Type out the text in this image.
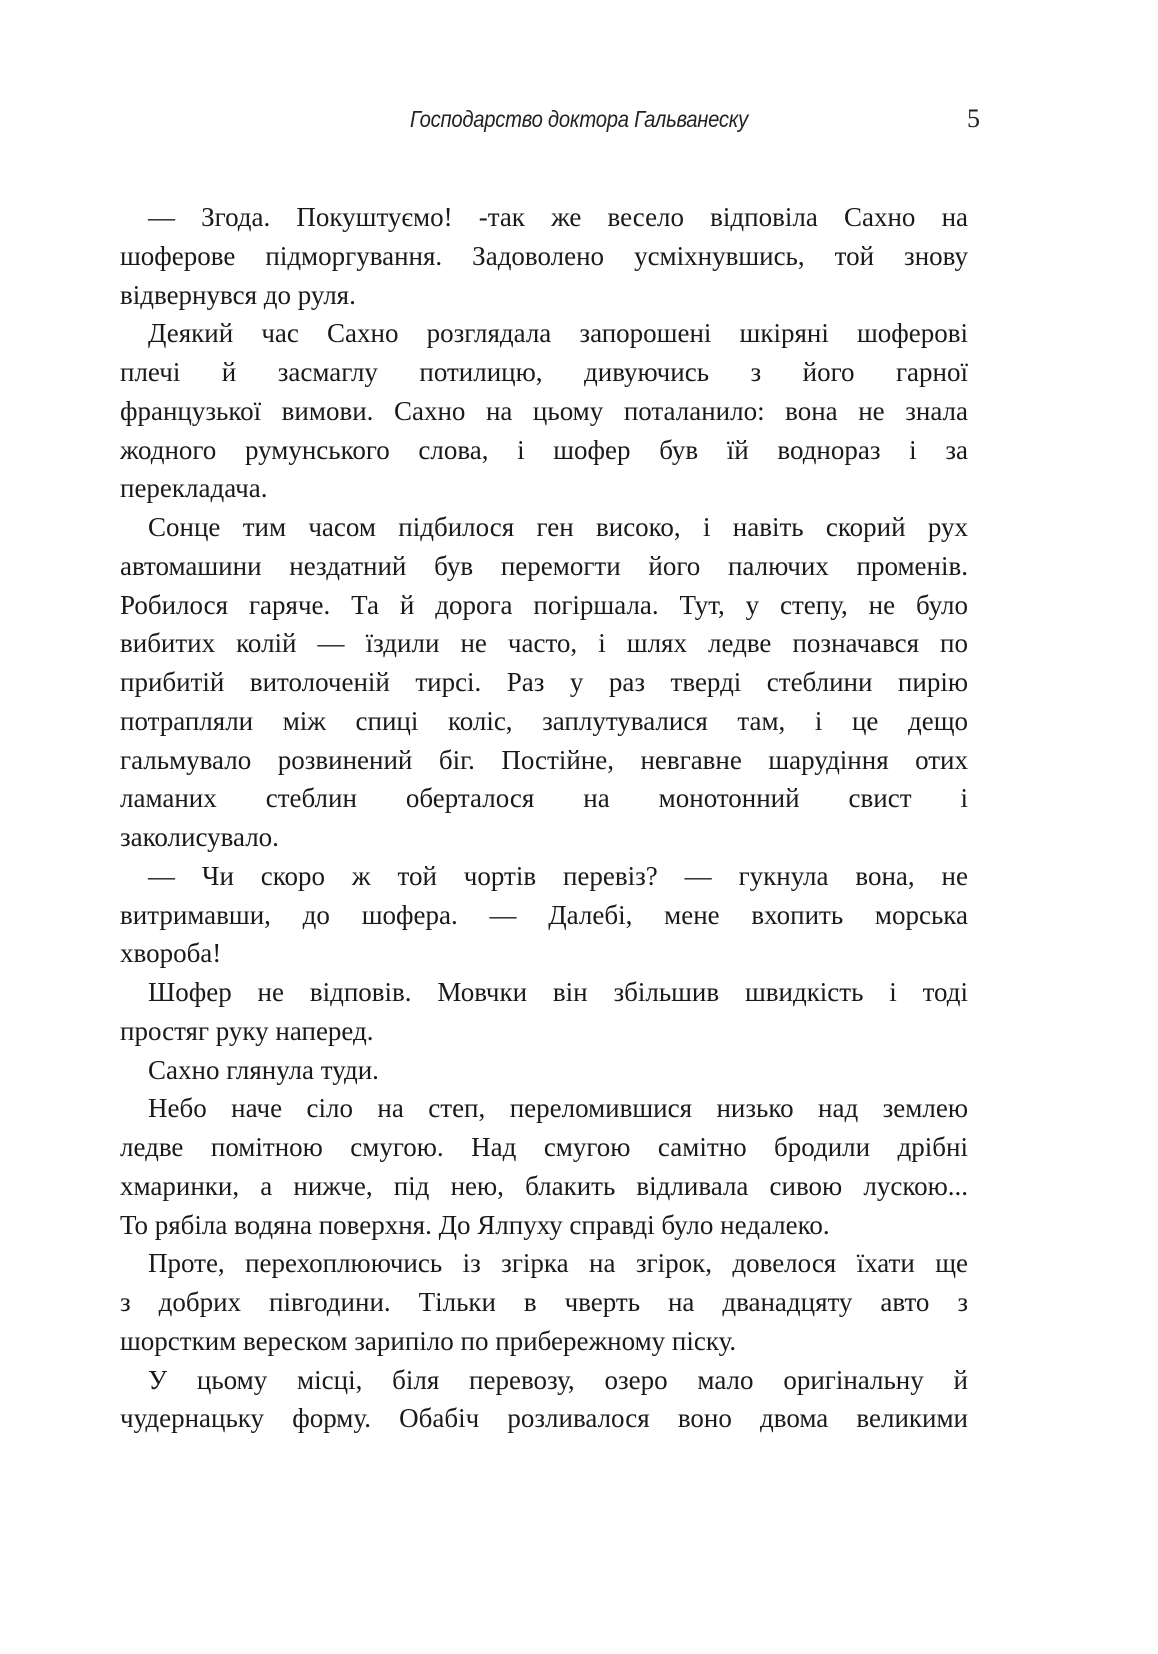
Господарство доктора Гальванеску	5
— Згода. Покуштуємо! -так же весело відповіла Сахно на
шоферове підморгування. Задоволено усміхнувшись, той знову
відвернувся до руля.
Деякий час Сахно розглядала запорошені шкіряні шоферові
плечі й засмаглу потилицю, дивуючись з його гарної
французької вимови. Сахно на цьому поталанило: вона не знала
жодного румунського слова, і шофер був їй воднораз і за
перекладача.
Сонце тим часом підбилося ген високо, і навіть скорий рух
автомашини нездатний був перемогти його палючих променів.
Робилося гаряче. Та й дорога погіршала. Тут, у степу, не було
вибитих колій — їздили не часто, і шлях ледве позначався по
прибитій витолоченій тирсі. Раз у раз тверді стеблини пирію
потрапляли між спиці коліс, заплутувалися там, і це дещо
гальмувало розвинений біг. Постійне, невгавне шарудіння отих
ламаних стеблин оберталося на монотонний свист і
заколисувало.
— Чи скоро ж той чортів перевіз? — гукнула вона, не
витримавши, до шофера. — Далебі, мене вхопить морська
хвороба!
Шофер не відповів. Мовчки він збільшив швидкість і тоді
простяг руку наперед.
Сахно глянула туди.
Небо наче сіло на степ, переломившися низько над землею
ледве помітною смугою. Над смугою самітно бродили дрібні
хмаринки, а нижче, під нею, блакить відливала сивою лускою...
То рябіла водяна поверхня. До Ялпуху справді було недалеко.
Проте, перехоплюючись із згірка на згірок, довелося їхати ще
з добрих півгодини. Тільки в чверть на дванадцяту авто з
шорстким вереском зарипіло по прибережному піску.
У цьому місці, біля перевозу, озеро мало оригінальну й
чудернацьку форму. Обабіч розливалося воно двома великими
